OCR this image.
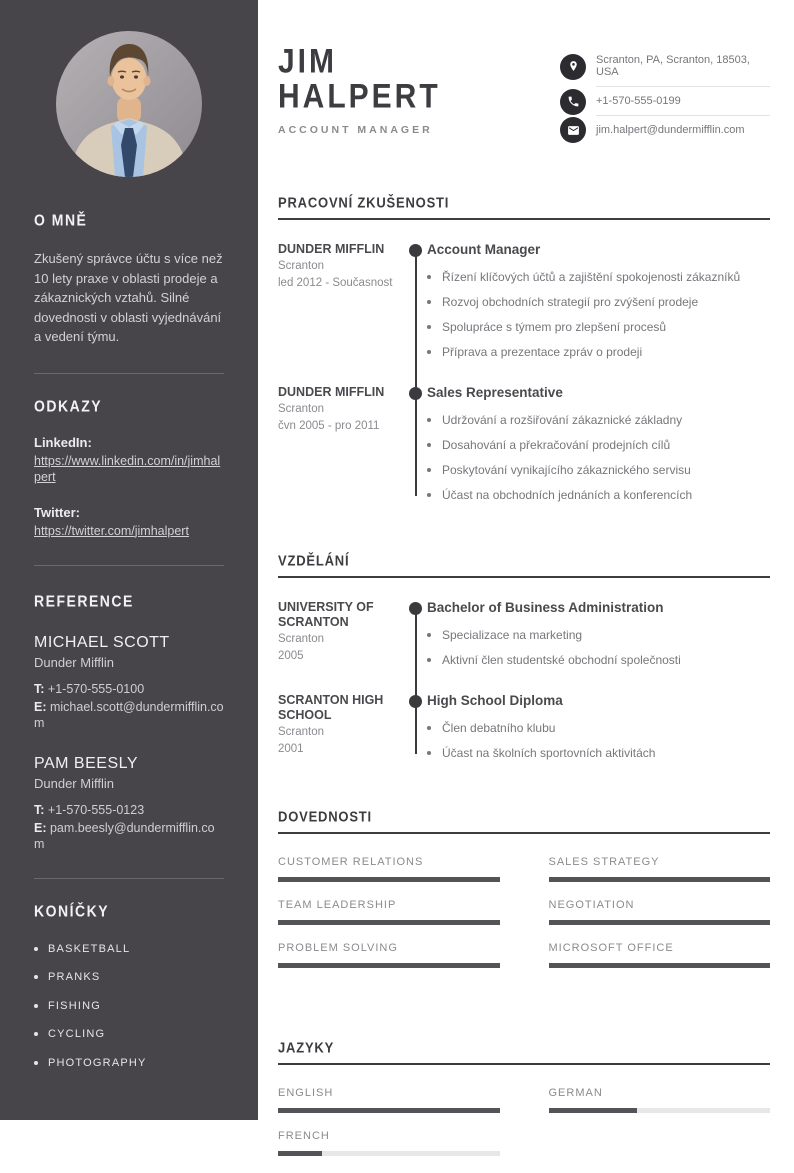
O MNĚ

Zkušený správce účtu s více než 10 lety praxe v oblasti prodeje a zákaznických vztahů. Silné dovednosti v oblasti vyjednávání a vedení týmu.

ODKAZY
LinkedIn:
https://www.linkedin.com/in/jimhalpert
Twitter:
https://twitter.com/jimhalpert
REFERENCE
MICHAEL SCOTT
Dunder Mifflin
T: +1-570-555-0100
E: michael.scott@dundermifflin.com
PAM BEESLY
Dunder Mifflin
T: +1-570-555-0123
E: pam.beesly@dundermifflin.com
KONÍČKY
BASKETBALL
PRANKS
FISHING
CYCLING
PHOTOGRAPHY
JIM
HALPERT
ACCOUNT MANAGER
Scranton, PA, Scranton, 18503, USA
+1-570-555-0199
jim.halpert@dundermifflin.com
PRACOVNÍ ZKUŠENOSTI
DUNDER MIFFLIN
Scranton
led 2012 - Současnost
Account Manager
Řízení klíčových účtů a zajištění spokojenosti zákazníků
Rozvoj obchodních strategií pro zvýšení prodeje
Spolupráce s týmem pro zlepšení procesů
Příprava a prezentace zpráv o prodeji
DUNDER MIFFLIN
Scranton
čvn 2005 - pro 2011
Sales Representative
Udržování a rozšiřování zákaznické základny
Dosahování a překračování prodejních cílů
Poskytování vynikajícího zákaznického servisu
Účast na obchodních jednáních a konferencích
VZDĚLÁNÍ
UNIVERSITY OF SCRANTON
Scranton
2005
Bachelor of Business Administration
Specializace na marketing
Aktivní člen studentské obchodní společnosti
SCRANTON HIGH SCHOOL
Scranton
2001
High School Diploma
Člen debatního klubu
Účast na školních sportovních aktivitách
DOVEDNOSTI
CUSTOMER RELATIONS	SALES STRATEGY
TEAM LEADERSHIP	NEGOTIATION
PROBLEM SOLVING	MICROSOFT OFFICE
JAZYKY
ENGLISH	GERMAN
FRENCH
